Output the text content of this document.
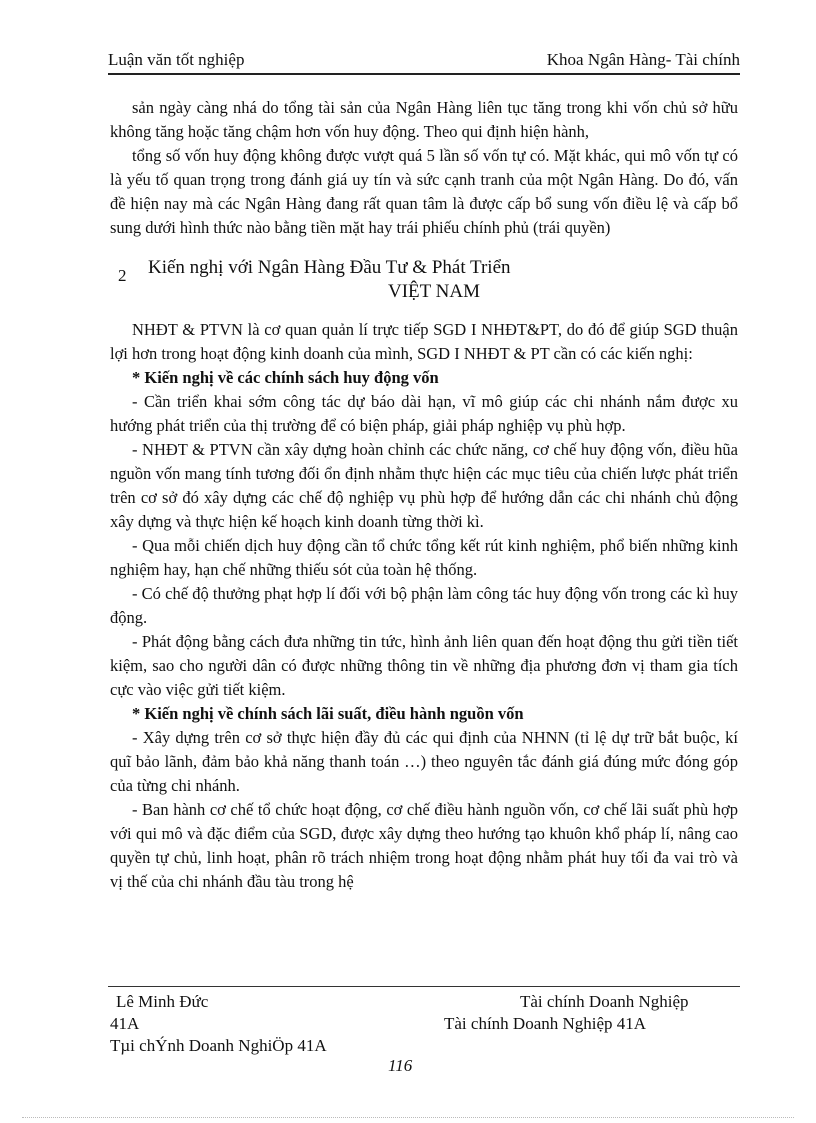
Luận văn tốt nghiệp	Khoa Ngân Hàng- Tài chính

sản ngày càng nhá do tổng tài sản của Ngân Hàng liên tục tăng trong khi vốn chủ sở hữu không tăng hoặc tăng chậm hơn vốn huy động. Theo qui định hiện hành,

tổng số vốn huy động không được vượt quá 5 lần số vốn tự có. Mặt khác, qui mô vốn tự có là yếu tố quan trọng trong đánh giá uy tín và sức cạnh tranh của một Ngân Hàng. Do đó, vấn đề hiện nay mà các Ngân Hàng đang rất quan tâm là được cấp bổ sung vốn điều lệ và cấp bổ sung dưới hình thức nào bằng tiền mặt hay trái phiếu chính phủ (trái quyền)

2	Kiến nghị với Ngân Hàng Đầu Tư & Phát Triển
VIỆT NAM

NHĐT & PTVN là cơ quan quản lí trực tiếp SGD I NHĐT&PT, do đó để giúp SGD thuận lợi hơn trong hoạt động kinh doanh của mình, SGD I NHĐT & PT cần có các kiến nghị:

* Kiến nghị về các chính sách huy động vốn

- Cần triển khai sớm công tác dự báo dài hạn, vĩ mô giúp các chi nhánh nắm được xu hướng phát triển của thị trường để có biện pháp, giải pháp nghiệp vụ phù hợp.

- NHĐT & PTVN cần xây dựng hoàn chỉnh các chức năng, cơ chế huy động vốn, điều hũa nguồn vốn mang tính tương đối ổn định nhằm thực hiện các mục tiêu của chiến lược phát triển trên cơ sở đó xây dựng các chế độ nghiệp vụ phù hợp để hướng dẫn các chi nhánh chủ động xây dựng và thực hiện kế hoạch kinh doanh từng thời kì.

- Qua mỗi chiến dịch huy động cần tổ chức tổng kết rút kinh nghiệm, phổ biến những kinh nghiệm hay, hạn chế những thiếu sót của toàn hệ thống.

- Có chế độ thưởng phạt hợp lí đối với bộ phận làm công tác huy động vốn trong các kì huy động.

- Phát động bằng cách đưa những tin tức, hình ảnh liên quan đến hoạt động thu gửi tiền tiết kiệm, sao cho người dân có được những thông tin về những địa phương đơn vị tham gia tích cực vào việc gửi tiết kiệm.

* Kiến nghị về chính sách lãi suất, điều hành nguồn vốn

- Xây dựng trên cơ sở thực hiện đầy đủ các qui định của NHNN (tỉ lệ dự trữ bắt buộc, kí quĩ bảo lãnh, đảm bảo khả năng thanh toán …) theo nguyên tắc đánh giá đúng mức đóng góp của từng chi nhánh.

- Ban hành cơ chế tổ chức hoạt động, cơ chế điều hành nguồn vốn, cơ chế lãi suất phù hợp với qui mô và đặc điểm của SGD, được xây dựng theo hướng tạo khuôn khổ pháp lí, nâng cao quyền tự chủ, linh hoạt, phân rõ trách nhiệm trong hoạt động nhằm phát huy tối đa vai trò và vị thế của chi nhánh đầu tàu trong hệ

Lê Minh Đức	Tài chính Doanh Nghiệp
41A	Tài chính Doanh Nghiệp 41A
Tµi chÝnh Doanh NghiÖp 41A
116
